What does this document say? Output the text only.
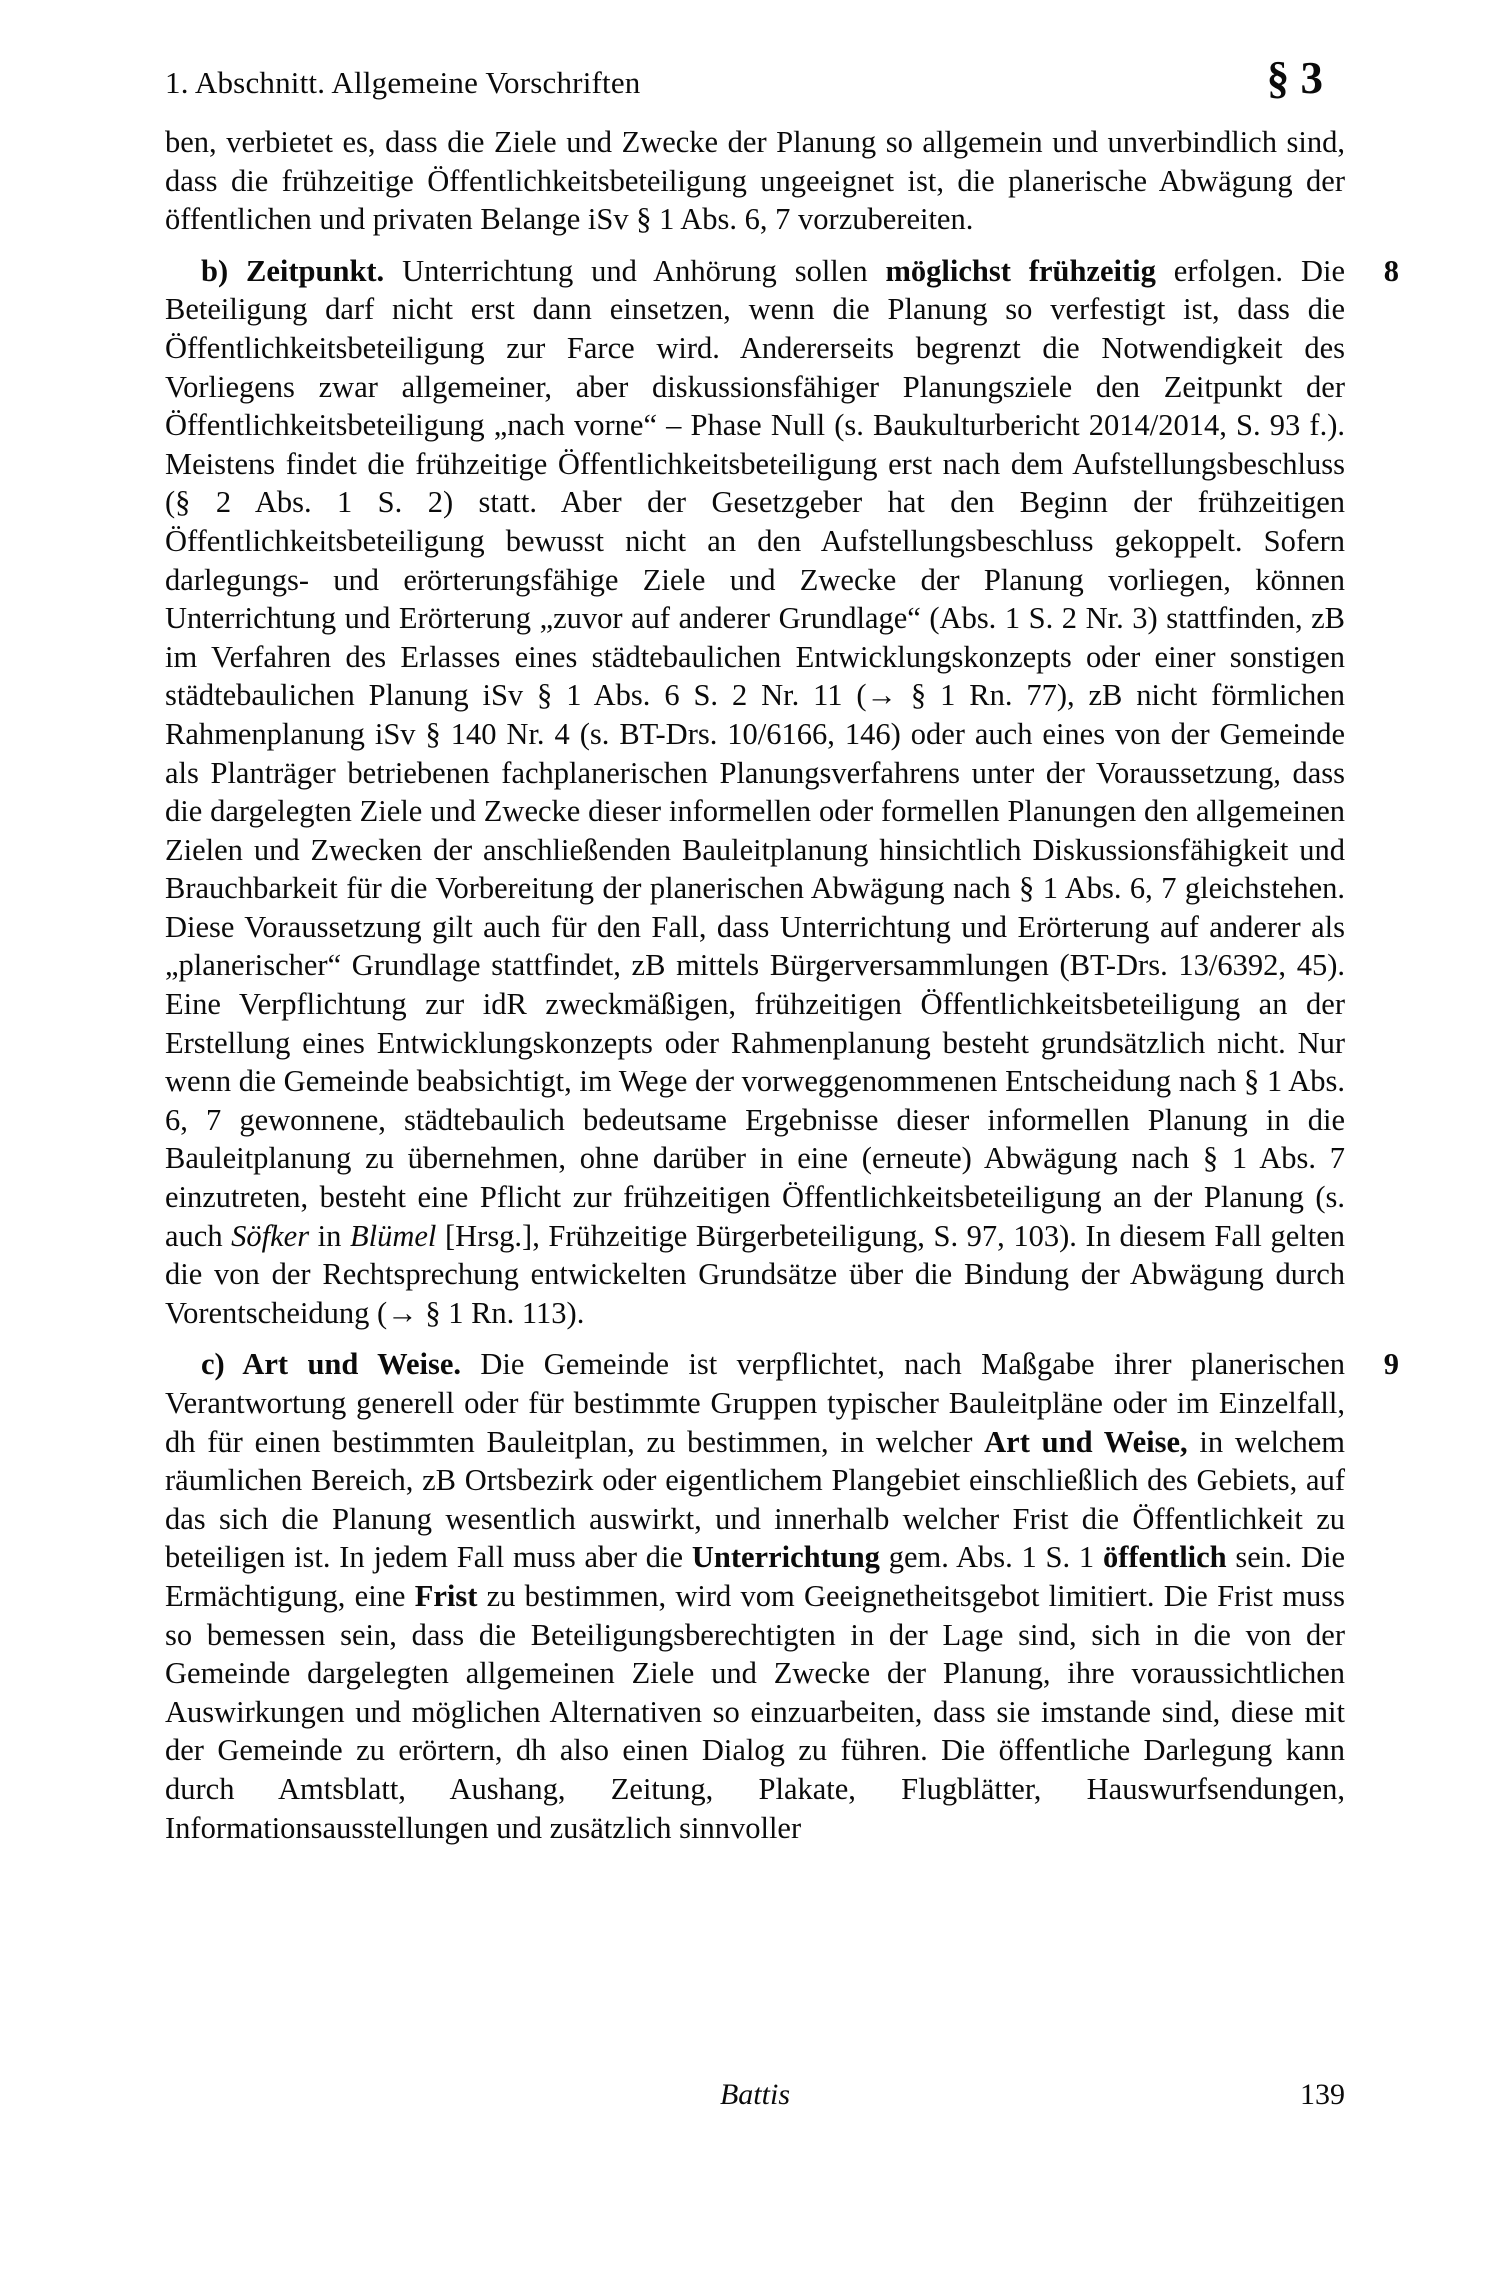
1. Abschnitt. Allgemeine Vorschriften	§ 3

ben, verbietet es, dass die Ziele und Zwecke der Planung so allgemein und unverbindlich sind, dass die frühzeitige Öffentlichkeitsbeteiligung ungeeignet ist, die planerische Abwägung der öffentlichen und privaten Belange iSv § 1 Abs. 6, 7 vorzubereiten.

b) Zeitpunkt. Unterrichtung und Anhörung sollen möglichst frühzeitig erfolgen. Die Beteiligung darf nicht erst dann einsetzen, wenn die Planung so verfestigt ist, dass die Öffentlichkeitsbeteiligung zur Farce wird. Andererseits begrenzt die Notwendigkeit des Vorliegens zwar allgemeiner, aber diskussionsfähiger Planungsziele den Zeitpunkt der Öffentlichkeitsbeteiligung „nach vorne“ – Phase Null (s. Baukulturbericht 2014/2014, S. 93 f.). Meistens findet die frühzeitige Öffentlichkeitsbeteiligung erst nach dem Aufstellungsbeschluss (§ 2 Abs. 1 S. 2) statt. Aber der Gesetzgeber hat den Beginn der frühzeitigen Öffentlichkeitsbeteiligung bewusst nicht an den Aufstellungsbeschluss gekoppelt. Sofern darlegungs- und erörterungsfähige Ziele und Zwecke der Planung vorliegen, können Unterrichtung und Erörterung „zuvor auf anderer Grundlage“ (Abs. 1 S. 2 Nr. 3) stattfinden, zB im Verfahren des Erlasses eines städtebaulichen Entwicklungskonzepts oder einer sonstigen städtebaulichen Planung iSv § 1 Abs. 6 S. 2 Nr. 11 (→ § 1 Rn. 77), zB nicht förmlichen Rahmenplanung iSv § 140 Nr. 4 (s. BT-Drs. 10/6166, 146) oder auch eines von der Gemeinde als Planträger betriebenen fachplanerischen Planungsverfahrens unter der Voraussetzung, dass die dargelegten Ziele und Zwecke dieser informellen oder formellen Planungen den allgemeinen Zielen und Zwecken der anschließenden Bauleitplanung hinsichtlich Diskussionsfähigkeit und Brauchbarkeit für die Vorbereitung der planerischen Abwägung nach § 1 Abs. 6, 7 gleichstehen. Diese Voraussetzung gilt auch für den Fall, dass Unterrichtung und Erörterung auf anderer als „planerischer“ Grundlage stattfindet, zB mittels Bürgerversammlungen (BT-Drs. 13/6392, 45). Eine Verpflichtung zur idR zweckmäßigen, frühzeitigen Öffentlichkeitsbeteiligung an der Erstellung eines Entwicklungskonzepts oder Rahmenplanung besteht grundsätzlich nicht. Nur wenn die Gemeinde beabsichtigt, im Wege der vorweggenommenen Entscheidung nach § 1 Abs. 6, 7 gewonnene, städtebaulich bedeutsame Ergebnisse dieser informellen Planung in die Bauleitplanung zu übernehmen, ohne darüber in eine (erneute) Abwägung nach § 1 Abs. 7 einzutreten, besteht eine Pflicht zur frühzeitigen Öffentlichkeitsbeteiligung an der Planung (s. auch Söfker in Blümel [Hrsg.], Frühzeitige Bürgerbeteiligung, S. 97, 103). In diesem Fall gelten die von der Rechtsprechung entwickelten Grundsätze über die Bindung der Abwägung durch Vorentscheidung (→ § 1 Rn. 113).
8

c) Art und Weise. Die Gemeinde ist verpflichtet, nach Maßgabe ihrer planerischen Verantwortung generell oder für bestimmte Gruppen typischer Bauleitpläne oder im Einzelfall, dh für einen bestimmten Bauleitplan, zu bestimmen, in welcher Art und Weise, in welchem räumlichen Bereich, zB Ortsbezirk oder eigentlichem Plangebiet einschließlich des Gebiets, auf das sich die Planung wesentlich auswirkt, und innerhalb welcher Frist die Öffentlichkeit zu beteiligen ist. In jedem Fall muss aber die Unterrichtung gem. Abs. 1 S. 1 öffentlich sein. Die Ermächtigung, eine Frist zu bestimmen, wird vom Geeignetheitsgebot limitiert. Die Frist muss so bemessen sein, dass die Beteiligungsberechtigten in der Lage sind, sich in die von der Gemeinde dargelegten allgemeinen Ziele und Zwecke der Planung, ihre voraussichtlichen Auswirkungen und möglichen Alternativen so einzuarbeiten, dass sie imstande sind, diese mit der Gemeinde zu erörtern, dh also einen Dialog zu führen. Die öffentliche Darlegung kann durch Amtsblatt, Aushang, Zeitung, Plakate, Flugblätter, Hauswurfsendungen, Informationsausstellungen und zusätzlich sinnvoller
9

Battis	139
